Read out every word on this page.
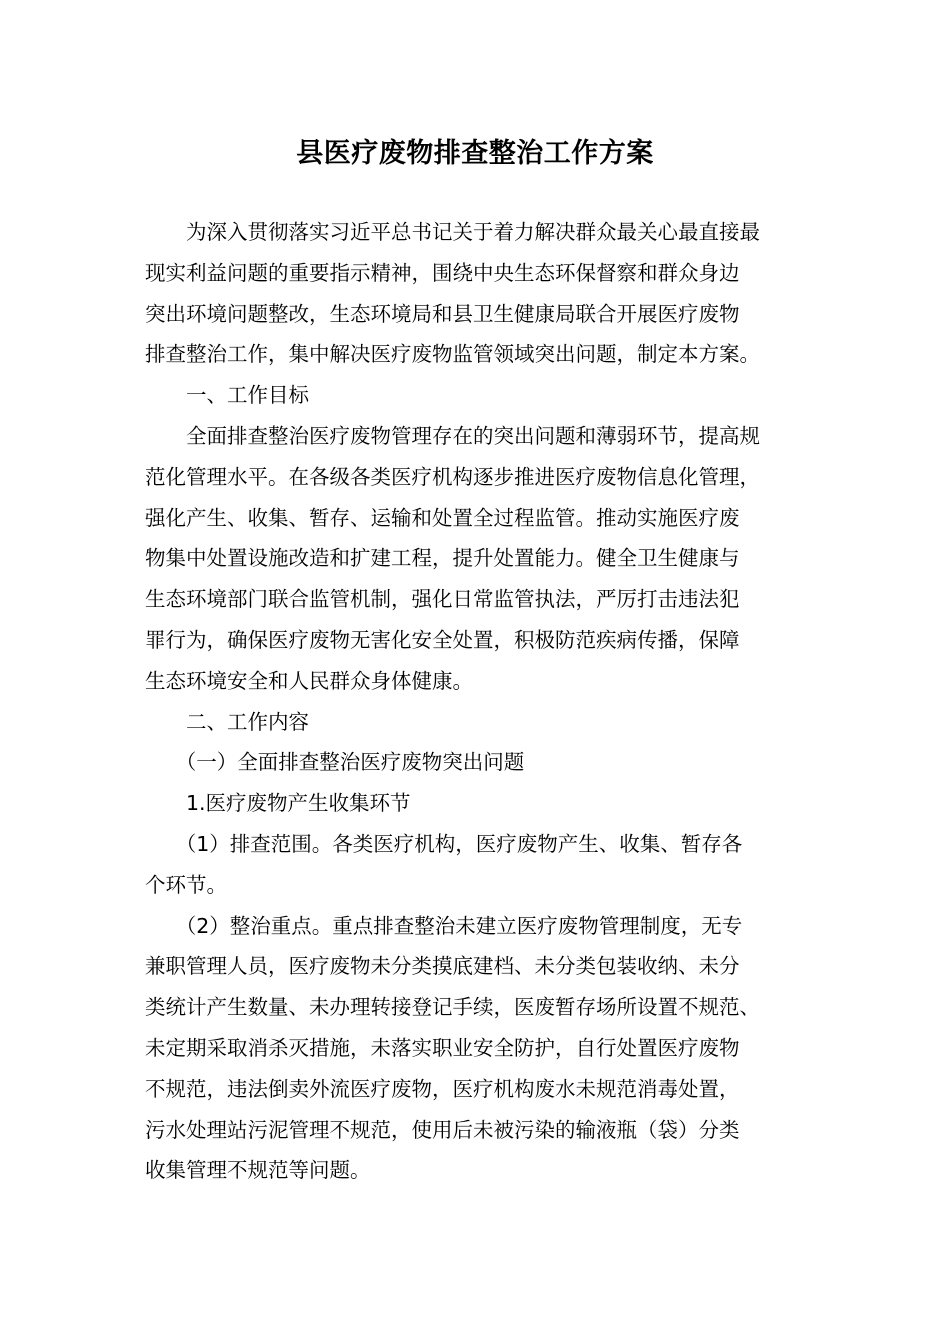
县医疗废物排查整治工作方案

为深入贯彻落实习近平总书记关于着力解决群众最关心最直接最
现实利益问题的重要指示精神，围绕中央生态环保督察和群众身边
突出环境问题整改，生态环境局和县卫生健康局联合开展医疗废物
排查整治工作，集中解决医疗废物监管领域突出问题，制定本方案。

一、工作目标

全面排查整治医疗废物管理存在的突出问题和薄弱环节，提高规
范化管理水平。在各级各类医疗机构逐步推进医疗废物信息化管理，
强化产生、收集、暂存、运输和处置全过程监管。推动实施医疗废
物集中处置设施改造和扩建工程，提升处置能力。健全卫生健康与
生态环境部门联合监管机制，强化日常监管执法，严厉打击违法犯
罪行为，确保医疗废物无害化安全处置，积极防范疾病传播，保障
生态环境安全和人民群众身体健康。

二、工作内容

（一）全面排查整治医疗废物突出问题

1.医疗废物产生收集环节

（1）排查范围。各类医疗机构，医疗废物产生、收集、暂存各
个环节。

（2）整治重点。重点排查整治未建立医疗废物管理制度，无专
兼职管理人员，医疗废物未分类摸底建档、未分类包装收纳、未分
类统计产生数量、未办理转接登记手续，医废暂存场所设置不规范、
未定期采取消杀灭措施，未落实职业安全防护，自行处置医疗废物
不规范，违法倒卖外流医疗废物，医疗机构废水未规范消毒处置，
污水处理站污泥管理不规范，使用后未被污染的输液瓶（袋）分类
收集管理不规范等问题。
